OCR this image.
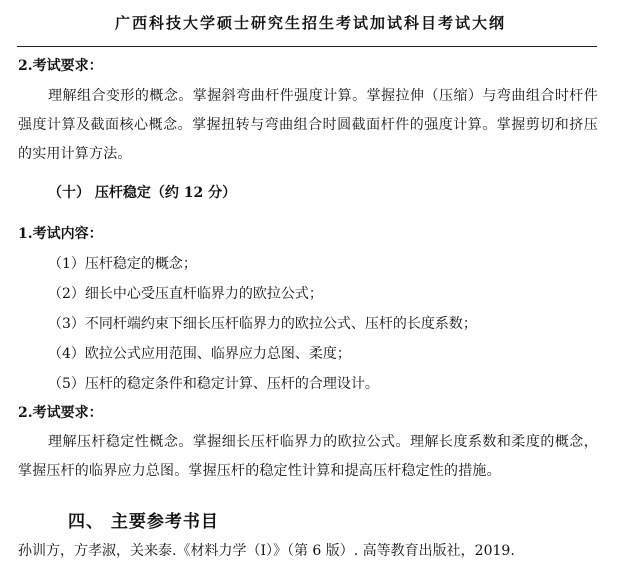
广西科技大学硕士研究生招生考试加试科目考试大纲
2.考试要求：
理解组合变形的概念。掌握斜弯曲杆件强度计算。掌握拉伸（压缩）与弯曲组合时杆件强度计算及截面核心概念。掌握扭转与弯曲组合时圆截面杆件的强度计算。掌握剪切和挤压的实用计算方法。
（十） 压杆稳定（约 12 分）
1.考试内容：
（1）压杆稳定的概念；
（2）细长中心受压直杆临界力的欧拉公式；
（3）不同杆端约束下细长压杆临界力的欧拉公式、压杆的长度系数；
（4）欧拉公式应用范围、临界应力总图、柔度；
（5）压杆的稳定条件和稳定计算、压杆的合理设计。
2.考试要求：
理解压杆稳定性概念。掌握细长压杆临界力的欧拉公式。理解长度系数和柔度的概念，掌握压杆的临界应力总图。掌握压杆的稳定性计算和提高压杆稳定性的措施。
四、 主要参考书目
孙训方，方孝淑，关来泰.《材料力学（I）》（第 6 版）. 高等教育出版社，2019.
